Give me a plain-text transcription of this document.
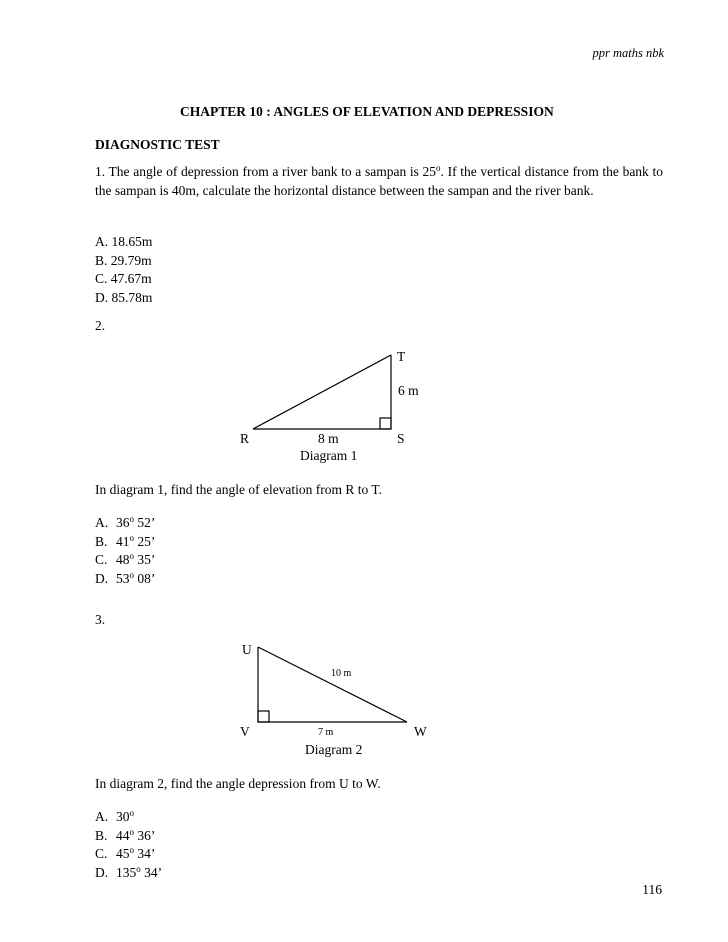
ppr maths nbk
CHAPTER 10 : ANGLES OF ELEVATION AND DEPRESSION
DIAGNOSTIC TEST
1. The angle of depression from a river bank to a sampan is 25$^o$. If the vertical distance from the bank to the sampan is 40m, calculate the horizontal distance between the sampan and the river bank.
A. 18.65m
B. 29.79m
C. 47.67m
D. 85.78m
2.
T
6 m
R	8 m	S
Diagram 1
In diagram 1, find the angle of elevation from R to T.
A. 36$^o$ 52’
B. 41$^o$ 25’
C. 48$^o$ 35’
D. 53$^o$ 08’
3.
U
10 m
V	7 m	W
Diagram 2
In diagram 2, find the angle depression from U to W.
A. 30$^o$
B. 44$^o$ 36’
C. 45$^o$ 34’
D. 135$^o$ 34’
116
